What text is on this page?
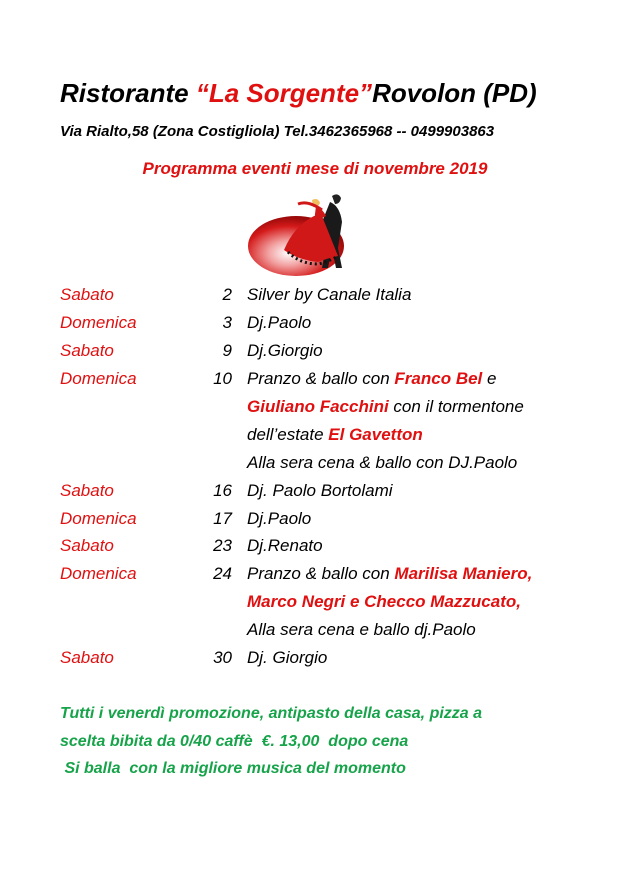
Ristorante “La Sorgente”Rovolon (PD)
Via Rialto,58 (Zona Costigliola) Tel.3462365968 -- 0499903863
Programma eventi mese di novembre 2019
Sabato	2 Silver by Canale Italia
Domenica	3 Dj.Paolo
Sabato	9 Dj.Giorgio
Domenica	10 Pranzo & ballo con Franco Bel e
Giuliano Facchini con il tormentone
dell’estate El Gavetton
Alla sera cena & ballo con DJ.Paolo
Sabato	16 Dj. Paolo Bortolami
Domenica	17 Dj.Paolo
Sabato	23 Dj.Renato
Domenica	24 Pranzo & ballo con Marilisa Maniero,
Marco Negri e Checco Mazzucato,
Alla sera cena e ballo dj.Paolo
Sabato	30 Dj. Giorgio
Tutti i venerdì promozione, antipasto della casa, pizza a
scelta bibita da 0/40 caffè  €. 13,00  dopo cena
Si balla  con la migliore musica del momento
